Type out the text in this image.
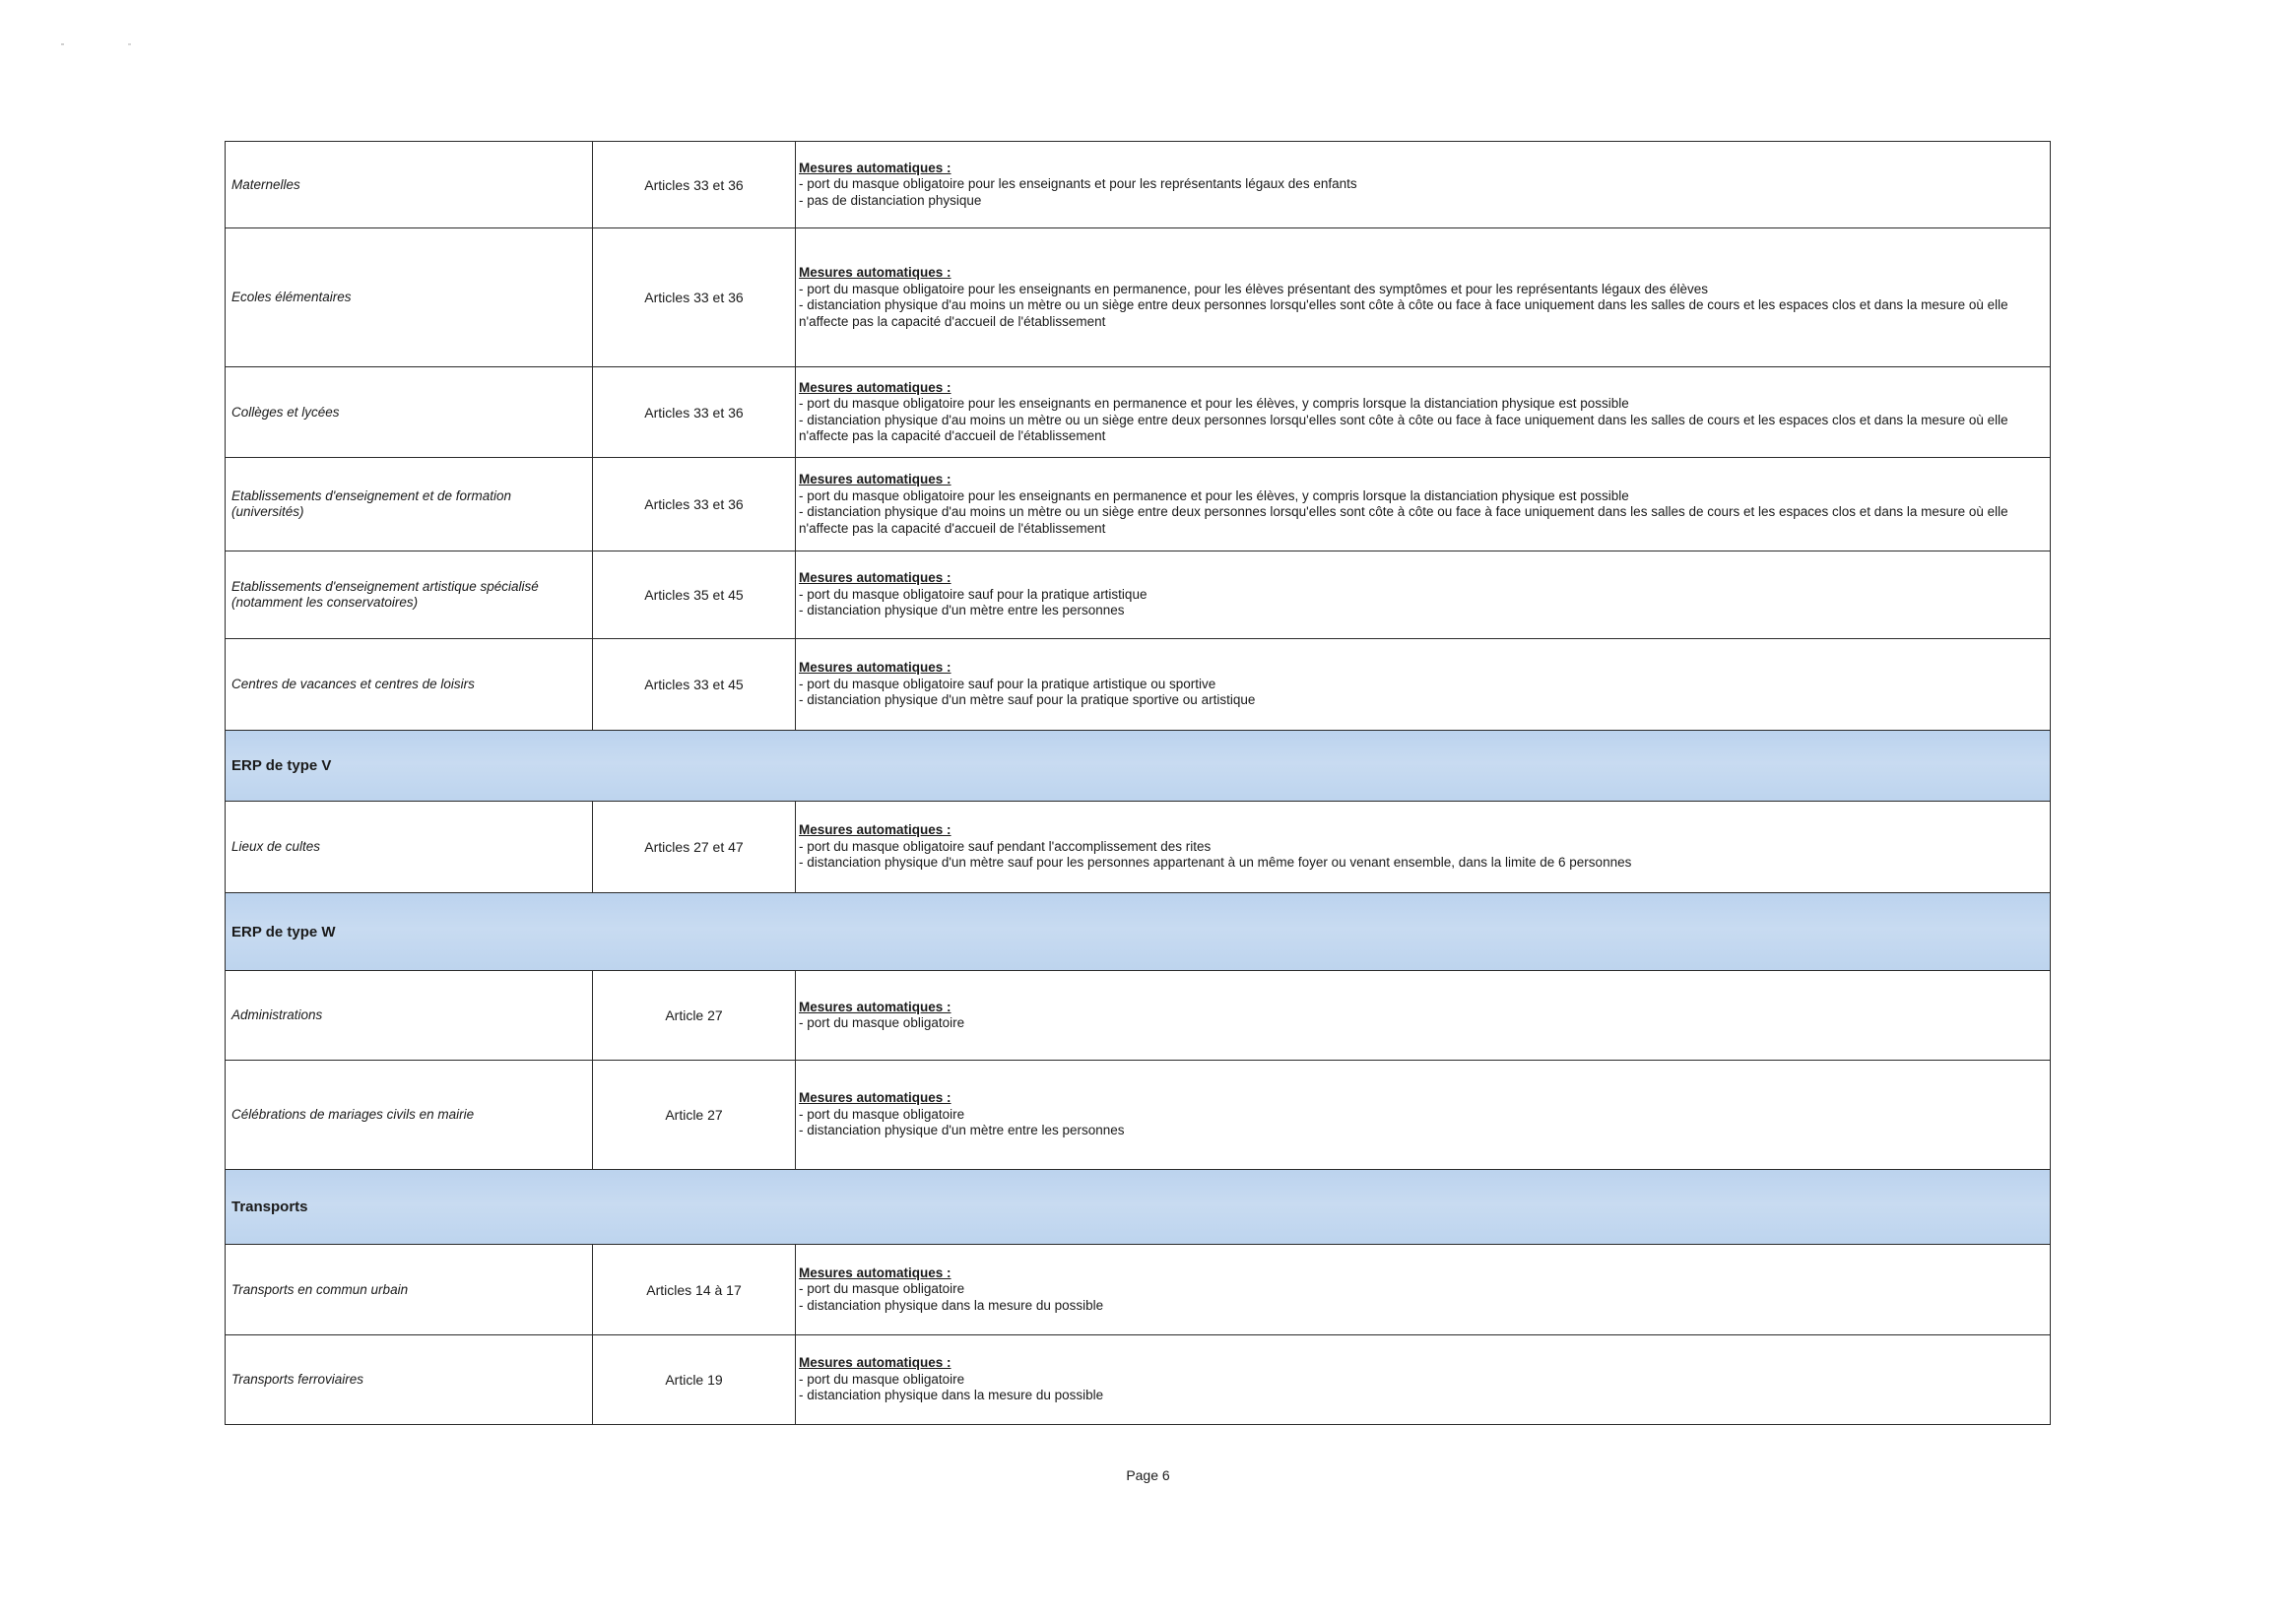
Maternelles	Articles 33 et 36	Mesures automatiques :
- port du masque obligatoire pour les enseignants et pour les représentants légaux des enfants
- pas de distanciation physique

Ecoles élémentaires	Articles 33 et 36	Mesures automatiques :
- port du masque obligatoire pour les enseignants en permanence, pour les élèves présentant des symptômes et pour les représentants légaux des élèves
- distanciation physique d'au moins un mètre ou un siège entre deux personnes lorsqu'elles sont côte à côte ou face à face uniquement dans les salles de cours et les espaces clos et dans la mesure où elle n'affecte pas la capacité d'accueil de l'établissement

Collèges et lycées	Articles 33 et 36	Mesures automatiques :
- port du masque obligatoire pour les enseignants en permanence et pour les élèves, y compris lorsque la distanciation physique est possible
- distanciation physique d'au moins un mètre ou un siège entre deux personnes lorsqu'elles sont côte à côte ou face à face uniquement dans les salles de cours et les espaces clos et dans la mesure où elle n'affecte pas la capacité d'accueil de l'établissement

Etablissements d'enseignement et de formation (universités)	Articles 33 et 36	Mesures automatiques :
- port du masque obligatoire pour les enseignants en permanence et pour les élèves, y compris lorsque la distanciation physique est possible
- distanciation physique d'au moins un mètre ou un siège entre deux personnes lorsqu'elles sont côte à côte ou face à face uniquement dans les salles de cours et les espaces clos et dans la mesure où elle n'affecte pas la capacité d'accueil de l'établissement

Etablissements d'enseignement artistique spécialisé (notamment les conservatoires)	Articles 35 et 45	Mesures automatiques :
- port du masque obligatoire sauf pour la pratique artistique
- distanciation physique d'un mètre entre les personnes

Centres de vacances et centres de loisirs	Articles 33 et 45	Mesures automatiques :
- port du masque obligatoire sauf pour la pratique artistique ou sportive
- distanciation physique d'un mètre sauf pour la pratique sportive ou artistique

ERP de type V		
Lieux de cultes	Articles 27 et 47	Mesures automatiques :
- port du masque obligatoire sauf pendant l'accomplissement des rites
- distanciation physique d'un mètre sauf pour les personnes appartenant à un même foyer ou venant ensemble, dans la limite de 6 personnes

ERP de type W		
Administrations	Article 27	Mesures automatiques :
- port du masque obligatoire

Célébrations de mariages civils en mairie	Article 27	Mesures automatiques :
- port du masque obligatoire
- distanciation physique d'un mètre entre les personnes

Transports		
Transports en commun urbain	Articles 14 à 17	Mesures automatiques :
- port du masque obligatoire
- distanciation physique dans la mesure du possible

Transports ferroviaires	Article 19	Mesures automatiques :
- port du masque obligatoire
- distanciation physique dans la mesure du possible
Page 6
